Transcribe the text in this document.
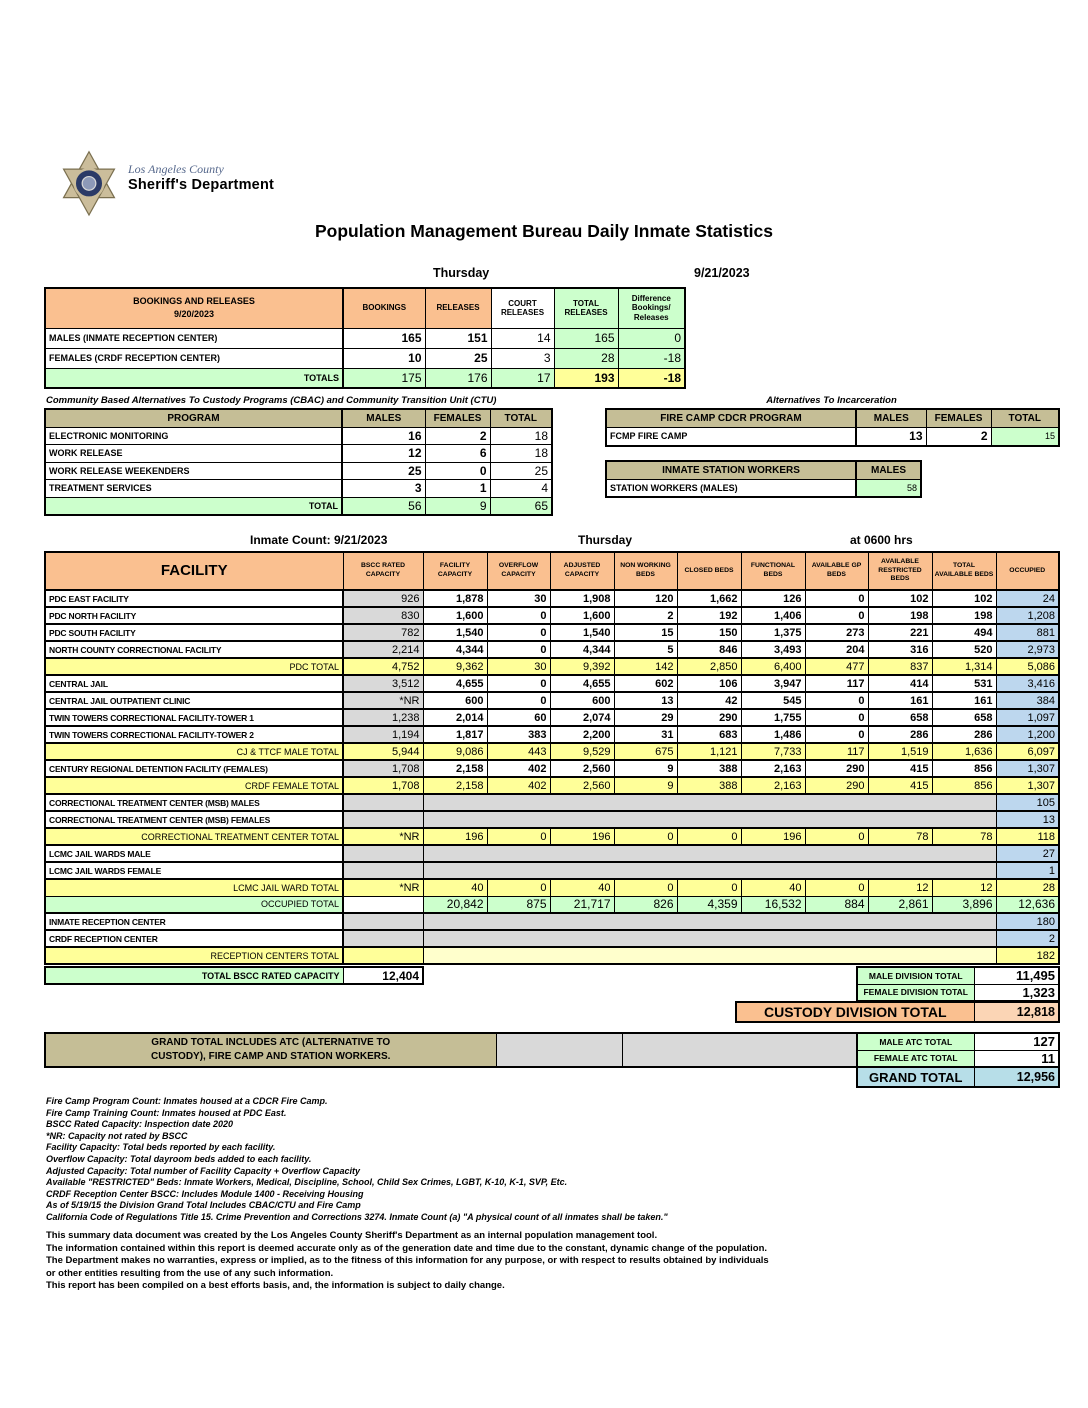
Los Angeles County
Sheriff's Department
Population Management Bureau Daily Inmate Statistics
Thursday	9/21/2023
BOOKINGS AND RELEASES
9/20/2023	BOOKINGS	RELEASES	COURT RELEASES	TOTAL RELEASES	Difference Bookings/ Releases
MALES (INMATE RECEPTION CENTER)	165	151	14	165	0
FEMALES (CRDF RECEPTION CENTER)	10	25	3	28	-18
TOTALS	175	176	17	193	-18
Community Based Alternatives To Custody Programs (CBAC) and Community Transition Unit (CTU)
PROGRAM	MALES	FEMALES	TOTAL
ELECTRONIC MONITORING	16	2	18
WORK RELEASE	12	6	18
WORK RELEASE WEEKENDERS	25	0	25
TREATMENT SERVICES	3	1	4
TOTAL	56	9	65
Alternatives To Incarceration
FIRE CAMP CDCR PROGRAM	MALES	FEMALES	TOTAL
FCMP FIRE CAMP	13	2	15
INMATE STATION WORKERS	MALES
STATION WORKERS (MALES)	58
Inmate Count: 9/21/2023	Thursday	at 0600 hrs
FACILITY	BSCC RATED CAPACITY	FACILITY CAPACITY	OVERFLOW CAPACITY	ADJUSTED CAPACITY	NON WORKING BEDS	CLOSED BEDS	FUNCTIONAL BEDS	AVAILABLE GP BEDS	AVAILABLE RESTRICTED BEDS	TOTAL AVAILABLE BEDS	OCCUPIED
PDC EAST FACILITY	926	1,878	30	1,908	120	1,662	126	0	102	102	24
PDC NORTH FACILITY	830	1,600	0	1,600	2	192	1,406	0	198	198	1,208
PDC SOUTH FACILITY	782	1,540	0	1,540	15	150	1,375	273	221	494	881
NORTH COUNTY CORRECTIONAL FACILITY	2,214	4,344	0	4,344	5	846	3,493	204	316	520	2,973
PDC TOTAL	4,752	9,362	30	9,392	142	2,850	6,400	477	837	1,314	5,086
CENTRAL JAIL	3,512	4,655	0	4,655	602	106	3,947	117	414	531	3,416
CENTRAL JAIL OUTPATIENT CLINIC	*NR	600	0	600	13	42	545	0	161	161	384
TWIN TOWERS CORRECTIONAL FACILITY-TOWER 1	1,238	2,014	60	2,074	29	290	1,755	0	658	658	1,097
TWIN TOWERS CORRECTIONAL FACILITY-TOWER 2	1,194	1,817	383	2,200	31	683	1,486	0	286	286	1,200
CJ & TTCF MALE TOTAL	5,944	9,086	443	9,529	675	1,121	7,733	117	1,519	1,636	6,097
CENTURY REGIONAL DETENTION FACILITY (FEMALES)	1,708	2,158	402	2,560	9	388	2,163	290	415	856	1,307
CRDF FEMALE TOTAL	1,708	2,158	402	2,560	9	388	2,163	290	415	856	1,307
CORRECTIONAL TREATMENT CENTER (MSB) MALES											105
CORRECTIONAL TREATMENT CENTER (MSB) FEMALES											13
CORRECTIONAL TREATMENT CENTER TOTAL	*NR	196	0	196	0	0	196	0	78	78	118
LCMC JAIL WARDS MALE											27
LCMC JAIL WARDS FEMALE											1
LCMC JAIL WARD TOTAL	*NR	40	0	40	0	0	40	0	12	12	28
OCCUPIED TOTAL		20,842	875	21,717	826	4,359	16,532	884	2,861	3,896	12,636
INMATE RECEPTION CENTER											180
CRDF RECEPTION CENTER											2
RECEPTION CENTERS TOTAL											182
TOTAL BSCC RATED CAPACITY	12,404	MALE DIVISION TOTAL	11,495
FEMALE DIVISION TOTAL	1,323
CUSTODY DIVISION TOTAL	12,818
GRAND TOTAL INCLUDES ATC (ALTERNATIVE TO
CUSTODY), FIRE CAMP AND STATION WORKERS.

MALE ATC TOTAL	127
FEMALE ATC TOTAL	11
GRAND TOTAL	12,956
Fire Camp Program Count: Inmates housed at a CDCR Fire Camp.
Fire Camp Training Count: Inmates housed at PDC East.
BSCC Rated Capacity: Inspection date 2020
*NR: Capacity not rated by BSCC
Facility Capacity: Total beds reported by each facility.
Overflow Capacity: Total dayroom beds added to each facility.
Adjusted Capacity: Total number of Facility Capacity + Overflow Capacity
Available "RESTRICTED" Beds: Inmate Workers, Medical, Discipline, School, Child Sex Crimes, LGBT, K-10, K-1, SVP, Etc.
CRDF Reception Center BSCC: Includes Module 1400 - Receiving Housing
As of 5/19/15 the Division Grand Total Includes CBAC/CTU and Fire Camp
California Code of Regulations Title 15. Crime Prevention and Corrections 3274. Inmate Count (a) "A physical count of all inmates shall be taken."
This summary data document was created by the Los Angeles County Sheriff's Department as an internal population management tool.
The information contained within this report is deemed accurate only as of the generation date and time due to the constant, dynamic change of the population.
The Department makes no warranties, express or implied, as to the fitness of this information for any purpose, or with respect to results obtained by individuals
or other entities resulting from the use of any such information.
This report has been compiled on a best efforts basis, and, the information is subject to daily change.
